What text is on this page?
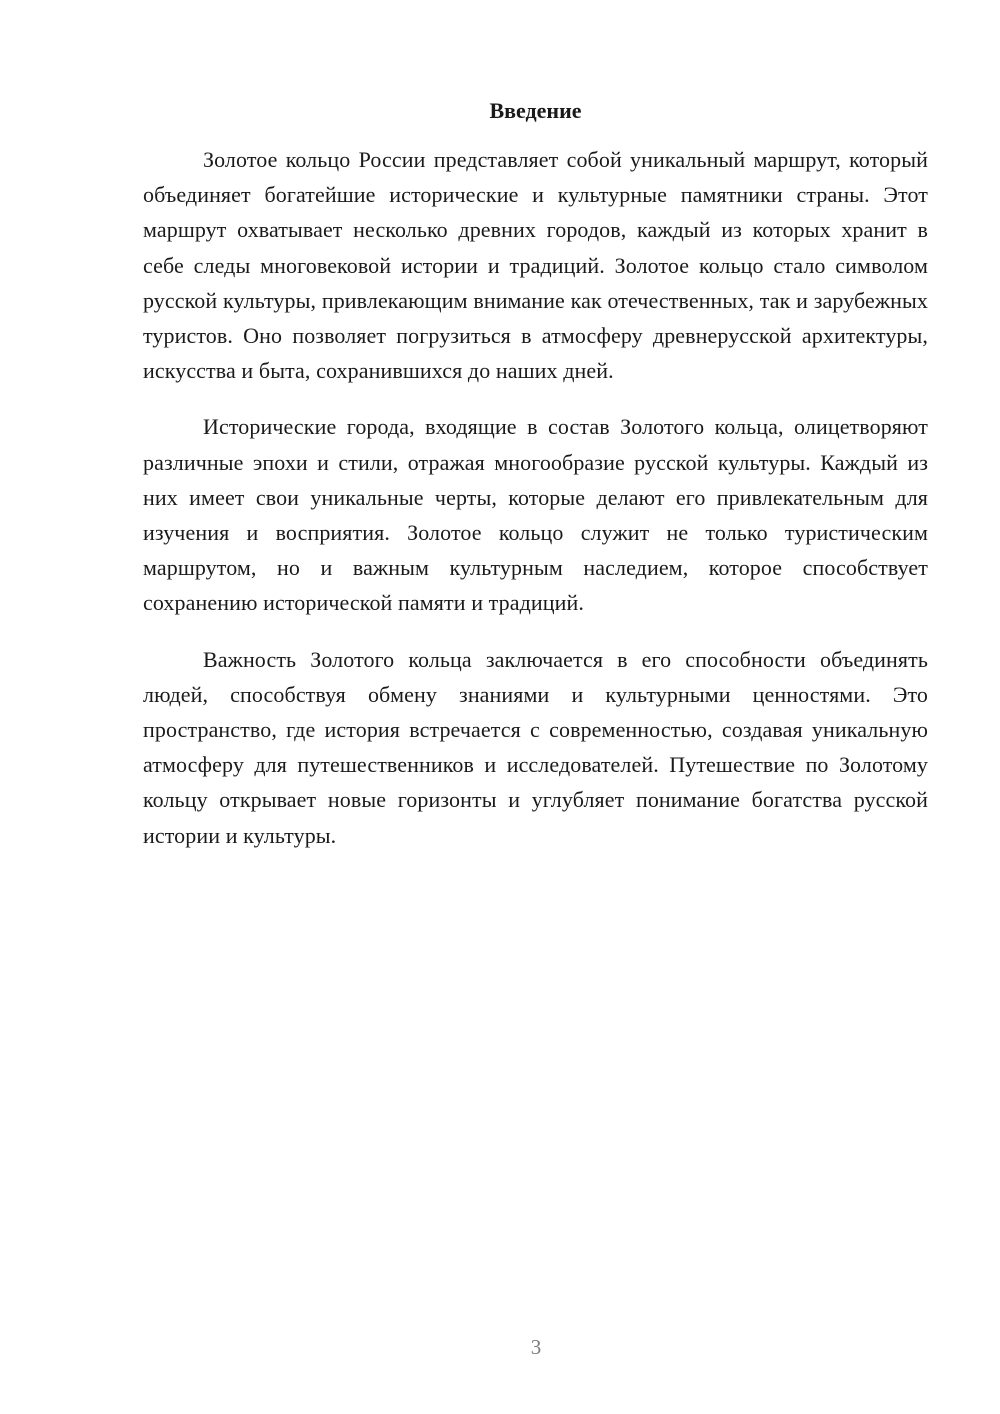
Введение

Золотое кольцо России представляет собой уникальный маршрут, который объединяет богатейшие исторические и культурные памятники страны. Этот маршрут охватывает несколько древних городов, каждый из которых хранит в себе следы многовековой истории и традиций. Золотое кольцо стало символом русской культуры, привлекающим внимание как отечественных, так и зарубежных туристов. Оно позволяет погрузиться в атмосферу древнерусской архитектуры, искусства и быта, сохранившихся до наших дней.

Исторические города, входящие в состав Золотого кольца, олицетворяют различные эпохи и стили, отражая многообразие русской культуры. Каждый из них имеет свои уникальные черты, которые делают его привлекательным для изучения и восприятия. Золотое кольцо служит не только туристическим маршрутом, но и важным культурным наследием, которое способствует сохранению исторической памяти и традиций.

Важность Золотого кольца заключается в его способности объединять людей, способствуя обмену знаниями и культурными ценностями. Это пространство, где история встречается с современностью, создавая уникальную атмосферу для путешественников и исследователей. Путешествие по Золотому кольцу открывает новые горизонты и углубляет понимание богатства русской истории и культуры.

3
